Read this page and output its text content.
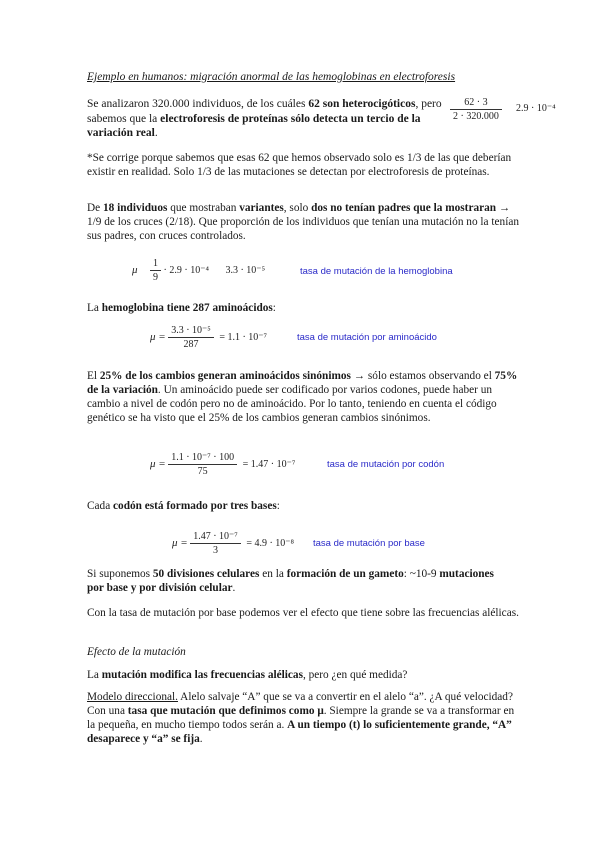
Ejemplo en humanos: migración anormal de las hemoglobinas en electroforesis
Se analizaron 320.000 individuos, de los cuáles 62 son heterocigóticos, pero sabemos que la electroforesis de proteínas sólo detecta un tercio de la variación real.
$\frac{62 \cdot 3}{2 \cdot 320.000} 2.9 \cdot 10^{-4}$
*Se corrige porque sabemos que esas 62 que hemos observado solo es 1/3 de las que deberían existir en realidad. Solo 1/3 de las mutaciones se detectan por electroforesis de proteínas.
De 18 individuos que mostraban variantes, solo dos no tenían padres que la mostraran → 1/9 de los cruces (2/18). Que proporción de los individuos que tenían una mutación no la tenían sus padres, con cruces controlados.
μ $\frac{1}{9} \cdot 2.9 \cdot 10^{-4}$ 3.3 · 10⁻⁵	tasa de mutación de la hemoglobina
La hemoglobina tiene 287 aminoácidos:
$\mu = \frac{\text{3.3 · 10⁻⁵}}{287} = 1.1 \cdot 10^{-7}$	tasa de mutación por aminoácido
El 25% de los cambios generan aminoácidos sinónimos → sólo estamos observando el 75% de la variación. Un aminoácido puede ser codificado por varios codones, puede haber un cambio a nivel de codón pero no de aminoácido. Por lo tanto, teniendo en cuenta el código genético se ha visto que el 25% de los cambios generan cambios sinónimos.
$\mu = \frac{\text{1.1 · 10⁻⁷ · 100}}{75} = 1.47 \cdot 10^{-7}$	tasa de mutación por codón
Cada codón está formado por tres bases:
$\mu = \frac{\text{1.47 · 10⁻⁷}}{3} = 4.9 \cdot 10^{-8}$ tasa de mutación por base
Si suponemos 50 divisiones celulares en la formación de un gameto: ~10-9 mutaciones por base y por división celular.
Con la tasa de mutación por base podemos ver el efecto que tiene sobre las frecuencias alélicas.
Efecto de la mutación
La mutación modifica las frecuencias alélicas, pero ¿en qué medida?
Modelo direccional. Alelo salvaje “A” que se va a convertir en el alelo “a”. ¿A qué velocidad? Con una tasa que mutación que definimos como μ. Siempre la grande se va a transformar en la pequeña, en mucho tiempo todos serán a. A un tiempo (t) lo suficientemente grande, “A” desaparece y “a” se fija.
